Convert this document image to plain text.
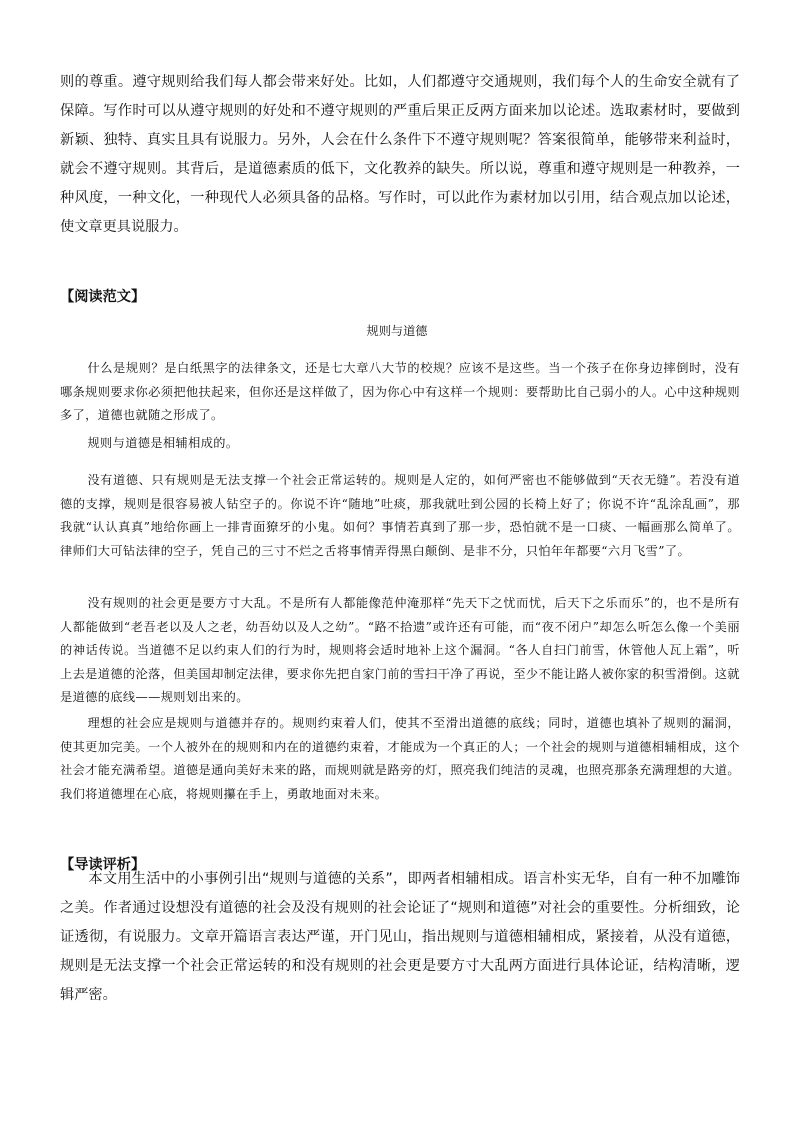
则的尊重。遵守规则给我们每人都会带来好处。比如，人们都遵守交通规则，我们每个人的生命安全就有了保障。写作时可以从遵守规则的好处和不遵守规则的严重后果正反两方面来加以论述。选取素材时，要做到新颖、独特、真实且具有说服力。另外，人会在什么条件下不遵守规则呢？答案很简单，能够带来利益时，就会不遵守规则。其背后，是道德素质的低下，文化教养的缺失。所以说，尊重和遵守规则是一种教养，一种风度，一种文化，一种现代人必须具备的品格。写作时，可以此作为素材加以引用，结合观点加以论述，使文章更具说服力。

【阅读范文】

规则与道德

什么是规则？是白纸黑字的法律条文，还是七大章八大节的校规？应该不是这些。当一个孩子在你身边摔倒时，没有哪条规则要求你必须把他扶起来，但你还是这样做了，因为你心中有这样一个规则：要帮助比自己弱小的人。心中这种规则多了，道德也就随之形成了。

规则与道德是相辅相成的。

没有道德、只有规则是无法支撑一个社会正常运转的。规则是人定的，如何严密也不能够做到“天衣无缝”。若没有道德的支撑，规则是很容易被人钻空子的。你说不许“随地”吐痰，那我就吐到公园的长椅上好了；你说不许“乱涂乱画”，那我就“认认真真”地给你画上一排青面獠牙的小鬼。如何？事情若真到了那一步，恐怕就不是一口痰、一幅画那么简单了。律师们大可钻法律的空子，凭自己的三寸不烂之舌将事情弄得黑白颠倒、是非不分，只怕年年都要“六月飞雪”了。

没有规则的社会更是要方寸大乱。不是所有人都能像范仲淹那样“先天下之忧而忧，后天下之乐而乐”的，也不是所有人都能做到“老吾老以及人之老，幼吾幼以及人之幼”。“路不拾遗”或许还有可能，而“夜不闭户”却怎么听怎么像一个美丽的神话传说。当道德不足以约束人们的行为时，规则将会适时地补上这个漏洞。“各人自扫门前雪，休管他人瓦上霜”，听上去是道德的沦落，但美国却制定法律，要求你先把自家门前的雪扫干净了再说，至少不能让路人被你家的积雪滑倒。这就是道德的底线——规则划出来的。

理想的社会应是规则与道德并存的。规则约束着人们，使其不至滑出道德的底线；同时，道德也填补了规则的漏洞，使其更加完美。一个人被外在的规则和内在的道德约束着，才能成为一个真正的人；一个社会的规则与道德相辅相成，这个社会才能充满希望。道德是通向美好未来的路，而规则就是路旁的灯，照亮我们纯洁的灵魂，也照亮那条充满理想的大道。我们将道德埋在心底，将规则攥在手上，勇敢地面对未来。

【导读评析】

本文用生活中的小事例引出“规则与道德的关系”，即两者相辅相成。语言朴实无华，自有一种不加雕饰之美。作者通过设想没有道德的社会及没有规则的社会论证了“规则和道德”对社会的重要性。分析细致，论证透彻，有说服力。文章开篇语言表达严谨，开门见山，指出规则与道德相辅相成，紧接着，从没有道德，规则是无法支撑一个社会正常运转的和没有规则的社会更是要方寸大乱两方面进行具体论证，结构清晰，逻辑严密。
